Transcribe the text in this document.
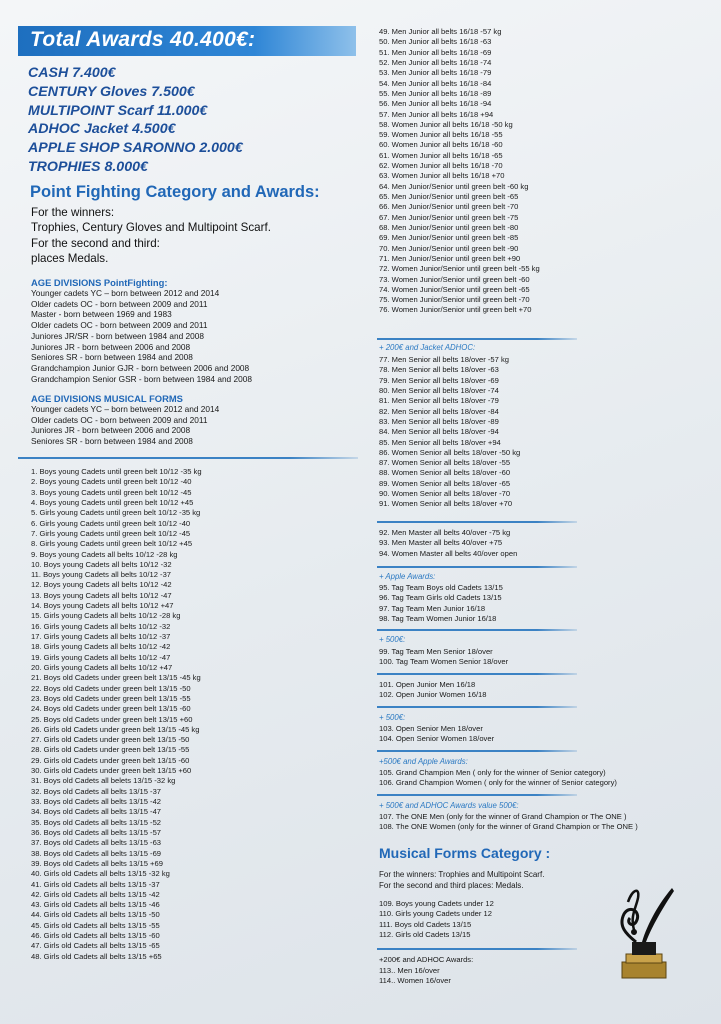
Total Awards 40.400€:
CASH 7.400€
CENTURY Gloves 7.500€
MULTIPOINT Scarf 11.000€
ADHOC Jacket 4.500€
APPLE SHOP SARONNO 2.000€
TROPHIES 8.000€
Point Fighting Category and Awards:
For the winners:
Trophies, Century Gloves and Multipoint Scarf.
For the second and third:
places Medals.
AGE DIVISIONS PointFighting:
Younger cadets YC – born between 2012 and 2014
Older cadets OC - born between 2009 and 2011
Master - born between 1969 and 1983
Older cadets OC - born between 2009 and 2011
Juniores JR/SR - born between 1984 and 2008
Juniores JR - born between 2006 and 2008
Seniores SR - born between 1984 and 2008
Grandchampion Junior GJR - born between 2006 and 2008
Grandchampion Senior GSR - born between 1984 and 2008
AGE DIVISIONS MUSICAL FORMS
Younger cadets YC – born between 2012 and 2014
Older cadets OC - born between 2009 and 2011
Juniores JR - born between 2006 and 2008
Seniores SR - born between 1984 and 2008
1. Boys young Cadets until green belt 10/12 -35 kg
2. Boys young Cadets until green belt 10/12 -40
3. Boys young Cadets until green belt 10/12 -45
4. Boys young Cadets until green belt 10/12 +45
5. Girls young Cadets until green belt 10/12 -35 kg
6. Girls young Cadets until green belt 10/12 -40
7. Girls young Cadets until green belt 10/12 -45
8. Girls young Cadets until green belt 10/12 +45
9. Boys young Cadets all belts 10/12 -28 kg
10. Boys young Cadets all belts 10/12 -32
11. Boys young Cadets all belts 10/12 -37
12. Boys young Cadets all belts 10/12 -42
13. Boys young Cadets all belts 10/12 -47
14. Boys young Cadets all belts 10/12 +47
15. Girls young Cadets all belts 10/12 -28 kg
16. Girls young Cadets all belts 10/12 -32
17. Girls young Cadets all belts 10/12 -37
18. Girls young Cadets all belts 10/12 -42
19. Girls young Cadets all belts 10/12 -47
20. Girls young Cadets all belts 10/12 +47
21. Boys old Cadets under green belt 13/15 -45 kg
22. Boys old Cadets under green belt 13/15 -50
23. Boys old Cadets under green belt 13/15 -55
24. Boys old Cadets under green belt 13/15 -60
25. Boys old Cadets under green belt 13/15 +60
26. Girls old Cadets under green belt 13/15 -45 kg
27. Girls old Cadets under green belt 13/15 -50
28. Girls old Cadets under green belt 13/15 -55
29. Girls old Cadets under green belt 13/15 -60
30. Girls old Cadets under green belt 13/15 +60
31. Boys old Cadets all belets 13/15 -32 kg
32. Boys old Cadets all belts 13/15 -37
33. Boys old Cadets all belts 13/15 -42
34. Boys old Cadets all belts 13/15 -47
35. Boys old Cadets all belts 13/15 -52
36. Boys old Cadets all belts 13/15 -57
37. Boys old Cadets all belts 13/15 -63
38. Boys old Cadets all belts 13/15 -69
39. Boys old Cadets all belts 13/15 +69
40. Girls old Cadets all belts 13/15 -32 kg
41. Girls old Cadets all belts 13/15 -37
42. Girls old Cadets all belts 13/15 -42
43. Girls old Cadets all belts 13/15 -46
44. Girls old Cadets all belts 13/15 -50
45. Girls old Cadets all belts 13/15 -55
46. Girls old Cadets all belts 13/15 -60
47. Girls old Cadets all belts 13/15 -65
48. Girls old Cadets all belts 13/15 +65
49. Men Junior all belts 16/18 -57 kg
50. Men Junior all belts 16/18 -63
51. Men Junior all belts 16/18 -69
52. Men Junior all belts 16/18 -74
53. Men Junior all belts 16/18 -79
54. Men Junior all belts 16/18 -84
55. Men Junior all belts 16/18 -89
56. Men Junior all belts 16/18 -94
57. Men Junior all belts 16/18 +94
58. Women Junior all belts 16/18 -50 kg
59. Women Junior all belts 16/18 -55
60. Women Junior all belts 16/18 -60
61. Women Junior all belts 16/18 -65
62. Women Junior all belts 16/18 -70
63. Women Junior all belts 16/18 +70
64. Men Junior/Senior until green belt -60 kg
65. Men Junior/Senior until green belt -65
66. Men Junior/Senior until green belt -70
67. Men Junior/Senior until green belt -75
68. Men Junior/Senior until green belt -80
69. Men Junior/Senior until green belt -85
70. Men Junior/Senior until green belt -90
71. Men Junior/Senior until green belt +90
72. Women Junior/Senior until green belt -55 kg
73. Women Junior/Senior until green belt -60
74. Women Junior/Senior until green belt -65
75. Women Junior/Senior until green belt -70
76. Women Junior/Senior until green belt +70
+ 200€ and Jacket ADHOC:
77. Men Senior all belts 18/over -57 kg
78. Men Senior all belts 18/over -63
79. Men Senior all belts 18/over -69
80. Men Senior all belts 18/over -74
81. Men Senior all belts 18/over -79
82. Men Senior all belts 18/over -84
83. Men Senior all belts 18/over -89
84. Men Senior all belts 18/over -94
85. Men Senior all belts 18/over +94
86. Women Senior all belts 18/over -50 kg
87. Women Senior all belts 18/over -55
88. Women Senior all belts 18/over -60
89. Women Senior all belts 18/over -65
90. Women Senior all belts 18/over -70
91. Women Senior all belts 18/over +70
92. Men Master all belts 40/over -75 kg
93. Men Master all belts 40/over +75
94. Women Master all belts 40/over open
+ Apple Awards:
95. Tag Team Boys old Cadets 13/15
96. Tag Team Girls old Cadets 13/15
97. Tag Team Men Junior 16/18
98. Tag Team Women Junior 16/18
+ 500€:
99. Tag Team Men Senior 18/over
100. Tag Team Women Senior 18/over
101. Open Junior Men 16/18
102. Open Junior Women 16/18
+ 500€:
103. Open Senior Men 18/over
104. Open Senior Women 18/over
+500€ and Apple Awards:
105. Grand Champion Men ( only for the winner of Senior category)
106. Grand Champion Women ( only for the winner of Senior category)
+ 500€ and ADHOC Awards value 500€:
107. The ONE Men (only for the winner of Grand Champion or The ONE )
108. The ONE Women (only for the winner of Grand Champion or The ONE )
Musical Forms Category :
For the winners: Trophies and Multipoint Scarf.
For the second and third places: Medals.
109. Boys young Cadets under 12
110. Girls young Cadets under 12
111. Boys old Cadets 13/15
112. Girls old Cadets 13/15
+200€ and ADHOC Awards:
113.. Men 16/over
114.. Women 16/over
